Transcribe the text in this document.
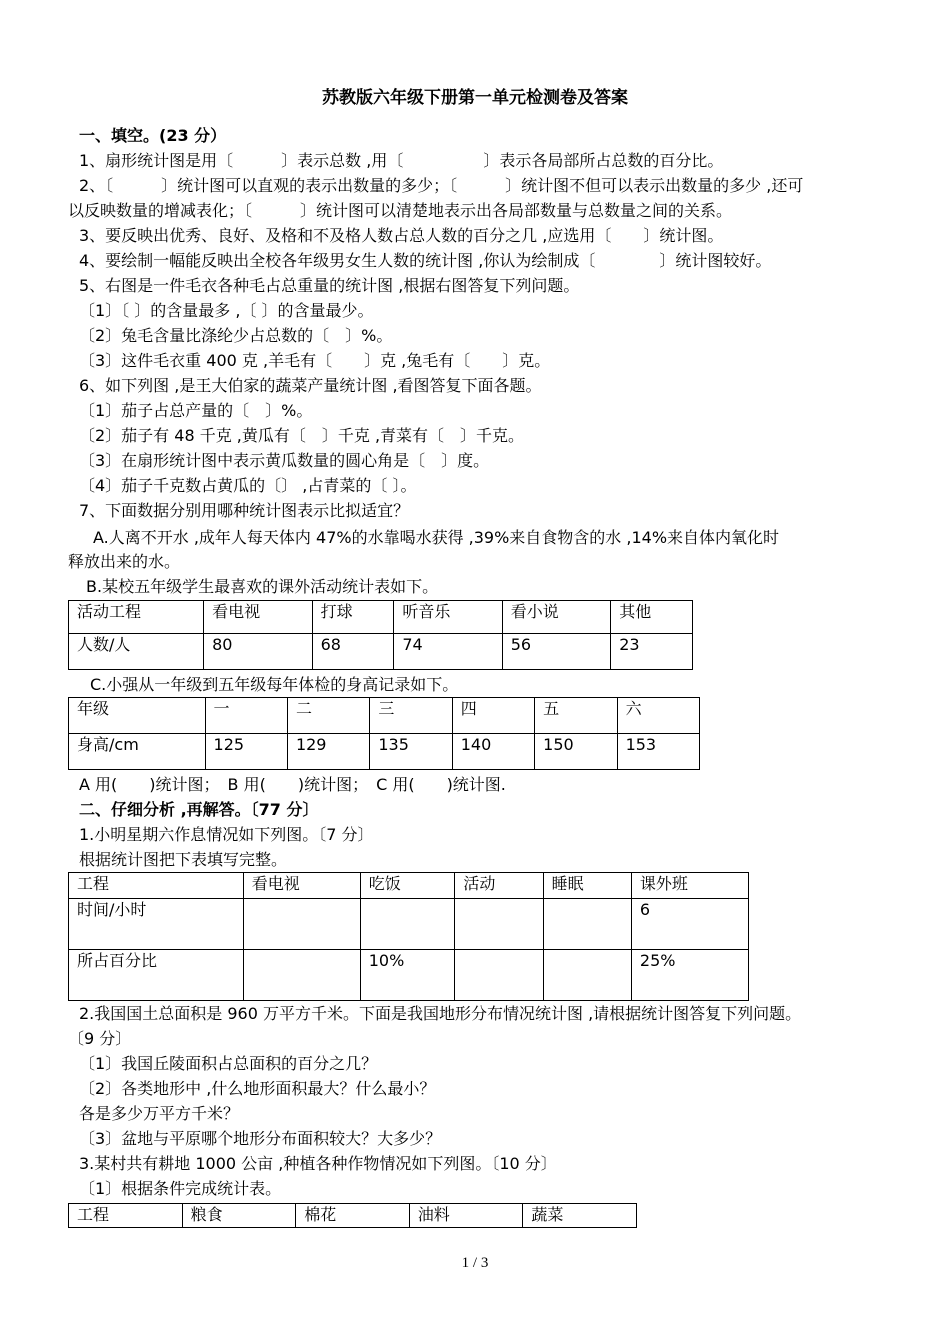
苏教版六年级下册第一单元检测卷及答案
一、填空。(23 分）
1、扇形统计图是用〔　　　〕表示总数 ,用〔　　　　　〕表示各局部所占总数的百分比。
2、〔　　　〕统计图可以直观的表示出数量的多少；〔　　　〕统计图不但可以表示出数量的多少 ,还可
以反映数量的增减表化；〔　　　〕统计图可以清楚地表示出各局部数量与总数量之间的关系。
3、要反映出优秀、良好、及格和不及格人数占总人数的百分之几 ,应选用〔　　〕统计图。
4、要绘制一幅能反映出全校各年级男女生人数的统计图 ,你认为绘制成〔　　　　〕统计图较好。
5、右图是一件毛衣各种毛占总重量的统计图 ,根据右图答复下列问题。
〔1〕〔 〕的含量最多 ,〔 〕的含量最少。
〔2〕兔毛含量比涤纶少占总数的〔　〕%。
〔3〕这件毛衣重 400 克 ,羊毛有〔　　〕克 ,兔毛有〔　　〕克。
6、如下列图 ,是王大伯家的蔬菜产量统计图 ,看图答复下面各题。
〔1〕茄子占总产量的〔　〕%。
〔2〕茄子有 48 千克 ,黄瓜有〔　〕千克 ,青菜有〔　〕千克。
〔3〕在扇形统计图中表示黄瓜数量的圆心角是〔　〕度。
〔4〕茄子千克数占黄瓜的〔〕 ,占青菜的〔 〕。
7、下面数据分别用哪种统计图表示比拟适宜？
A.人离不开水 ,成年人每天体内 47%的水靠喝水获得 ,39%来自食物含的水 ,14%来自体内氧化时
释放出来的水。
B.某校五年级学生最喜欢的课外活动统计表如下。
活动工程	看电视	打球	听音乐	看小说	其他
人数/人	80	68	74	56	23
C.小强从一年级到五年级每年体检的身高记录如下。
年级	一	二	三	四	五	六
身高/cm	125	129	135	140	150	153
A 用(　　)统计图；　B 用(　　)统计图；　C 用(　　)统计图.
二、仔细分析 ,再解答。〔77 分〕
1.小明星期六作息情况如下列图。〔7 分〕
根据统计图把下表填写完整。
工程	看电视	吃饭	活动	睡眠	课外班
时间/小时					6
所占百分比		10%			25%
2.我国国土总面积是 960 万平方千米。下面是我国地形分布情况统计图 ,请根据统计图答复下列问题。
〔9 分〕
〔1〕我国丘陵面积占总面积的百分之几？
〔2〕各类地形中 ,什么地形面积最大？什么最小？
各是多少万平方千米？
〔3〕盆地与平原哪个地形分布面积较大？大多少？
3.某村共有耕地 1000 公亩 ,种植各种作物情况如下列图。〔10 分〕
〔1〕根据条件完成统计表。
工程	粮食	棉花	油料	蔬菜
1 / 3
